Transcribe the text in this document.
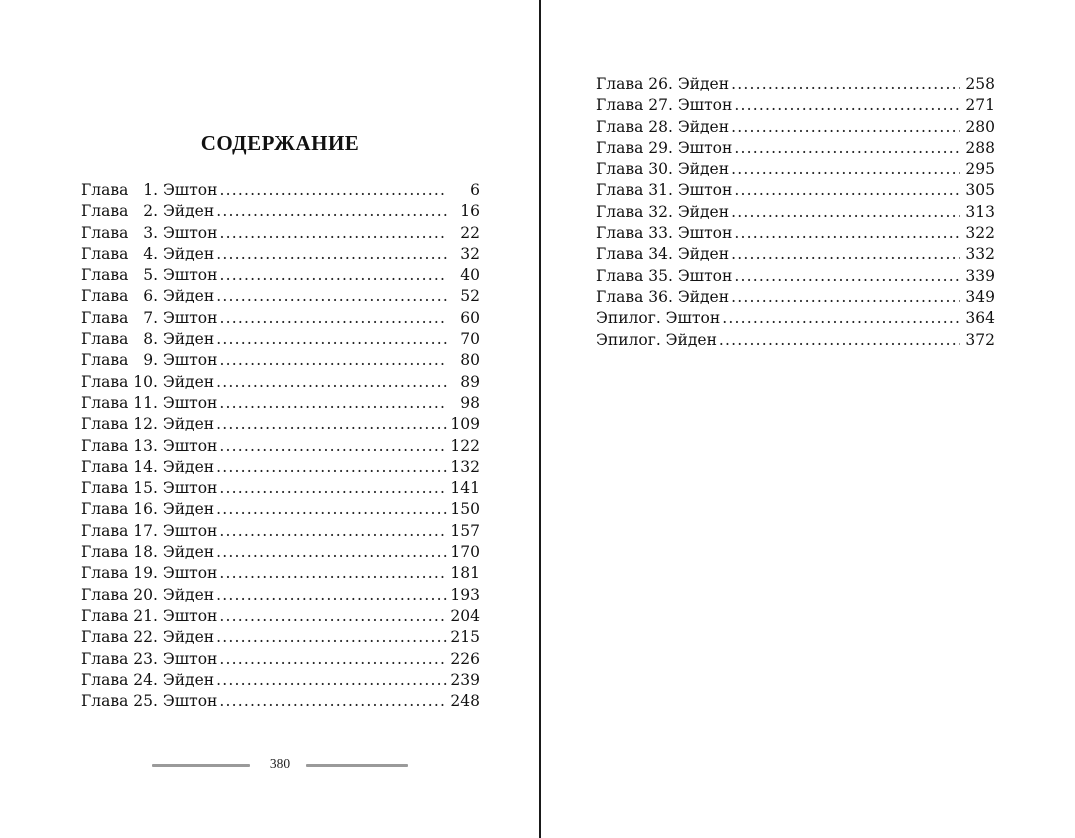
СОДЕРЖАНИЕ
Глава 1. Эштон .....	6
Глава 2. Эйден .....	16
Глава 3. Эштон .....	22
Глава 4. Эйден .....	32
Глава 5. Эштон .....	40
Глава 6. Эйден .....	52
Глава 7. Эштон .....	60
Глава 8. Эйден .....	70
Глава 9. Эштон .....	80
Глава 10. Эйден .....	89
Глава 11. Эштон .....	98
Глава 12. Эйден .....	109
Глава 13. Эштон .....	122
Глава 14. Эйден .....	132
Глава 15. Эштон .....	141
Глава 16. Эйден .....	150
Глава 17. Эштон .....	157
Глава 18. Эйден .....	170
Глава 19. Эштон .....	181
Глава 20. Эйден .....	193
Глава 21. Эштон .....	204
Глава 22. Эйден .....	215
Глава 23. Эштон .....	226
Глава 24. Эйден .....	239
Глава 25. Эштон .....	248
380
Глава 26. Эйден .....	258
Глава 27. Эштон .....	271
Глава 28. Эйден .....	280
Глава 29. Эштон .....	288
Глава 30. Эйден .....	295
Глава 31. Эштон .....	305
Глава 32. Эйден .....	313
Глава 33. Эштон .....	322
Глава 34. Эйден .....	332
Глава 35. Эштон .....	339
Глава 36. Эйден .....	349
Эпилог. Эштон .....	364
Эпилог. Эйден .....	372
